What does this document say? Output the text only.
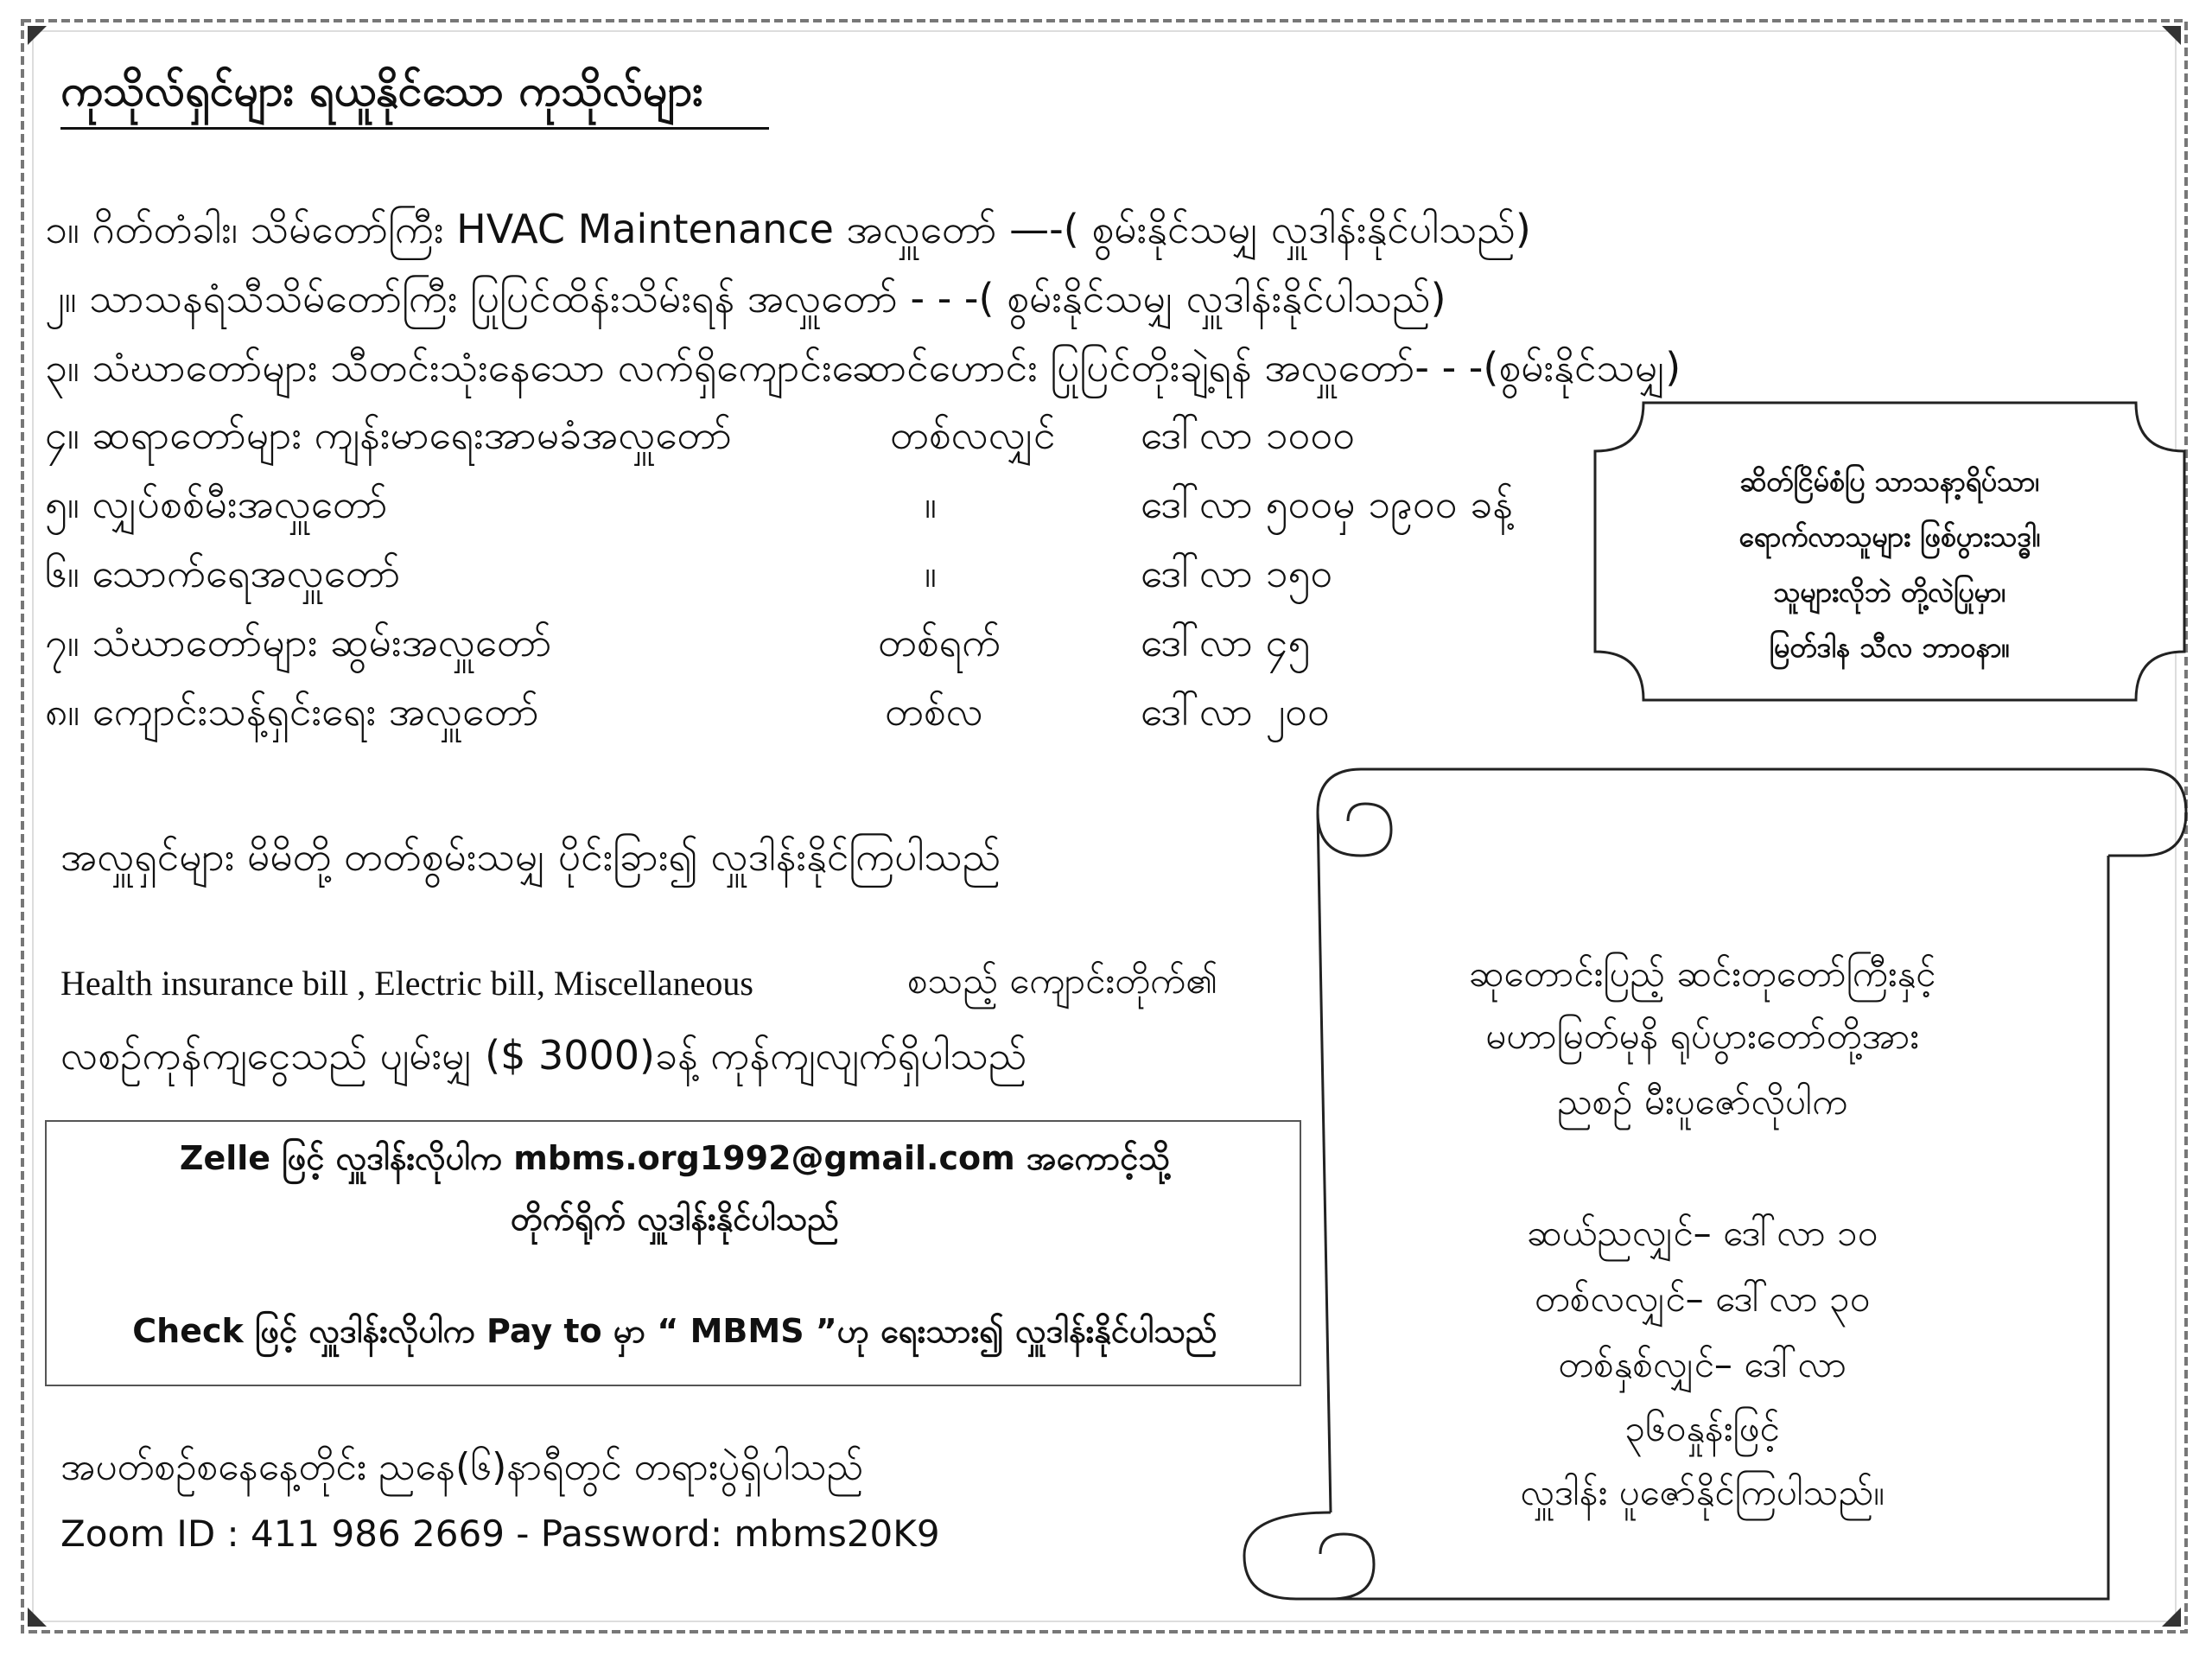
ကုသိုလ်ရှင်များ ရယူနိုင်သော ကုသိုလ်များ
၁။ ဂိတ်တံခါး၊ သိမ်တော်ကြီး HVAC Maintenance အလှူတော် —-( စွမ်းနိုင်သမျှ လှူဒါန်းနိုင်ပါသည်)
၂။ သာသနရံသီသိမ်တော်ကြီး ပြုပြင်ထိန်းသိမ်းရန် အလှူတော် - - -( စွမ်းနိုင်သမျှ လှူဒါန်းနိုင်ပါသည်)
၃။ သံဃာတော်များ သီတင်းသုံးနေသော လက်ရှိကျောင်းဆောင်ဟောင်း ပြုပြင်တိုးချဲ့ရန် အလှူတော်- - -(စွမ်းနိုင်သမျှ)
၄။ ဆရာတော်များ ကျန်းမာရေးအာမခံအလှူတော်	တစ်လလျှင် ဒေါ်လာ ၁၀၀၀
၅။ လျှပ်စစ်မီးအလှူတော်	။	ဒေါ်လာ ၅၀၀မှ ၁၉၀၀ ခန့်
၆။ သောက်ရေအလှူတော်	။	ဒေါ်လာ ၁၅၀
၇။ သံဃာတော်များ ဆွမ်းအလှူတော်	တစ်ရက်	ဒေါ်လာ ၄၅
၈။ ကျောင်းသန့်ရှင်းရေး အလှူတော်	တစ်လ	ဒေါ်လာ ၂၀၀
ဆိတ်ငြိမ်စံပြ သာသနာ့ရိပ်သာ၊
ရောက်လာသူများ ဖြစ်ပွားသဒ္ဓါ၊
သူများလိုဘဲ တို့လဲပြုမှာ၊
မြတ်ဒါန သီလ ဘာဝနာ။
အလှူရှင်များ မိမိတို့ တတ်စွမ်းသမျှ ပိုင်းခြား၍ လှူဒါန်းနိုင်ကြပါသည်
Health insurance bill , Electric bill, Miscellaneous	စသည့် ကျောင်းတိုက်၏
လစဉ်ကုန်ကျငွေသည် ပျမ်းမျှ ($ 3000)ခန့် ကုန်ကျလျက်ရှိပါသည်
Zelle ဖြင့် လှူဒါန်းလိုပါက mbms.org1992@gmail.com အကောင့်သို့
တိုက်ရိုက် လှူဒါန်းနိုင်ပါသည်
Check ဖြင့် လှူဒါန်းလိုပါက Pay to မှာ “ MBMS ”ဟု ရေးသား၍ လှူဒါန်းနိုင်ပါသည်
အပတ်စဉ်စနေနေ့တိုင်း ညနေ(၆)နာရီတွင် တရားပွဲရှိပါသည်
Zoom ID : 411 986 2669 - Password: mbms20K9
ဆုတောင်းပြည့် ဆင်းတုတော်ကြီးနှင့်
မဟာမြတ်မုနိ ရုပ်ပွားတော်တို့အား
ညစဉ် မီးပူဇော်လိုပါက
ဆယ်ညလျှင်– ဒေါ်လာ ၁၀
တစ်လလျှင်– ဒေါ်လာ ၃၀
တစ်နှစ်လျှင်– ဒေါ်လာ
၃၆၀နှုန်းဖြင့်
လှူဒါန်း ပူဇော်နိုင်ကြပါသည်။
